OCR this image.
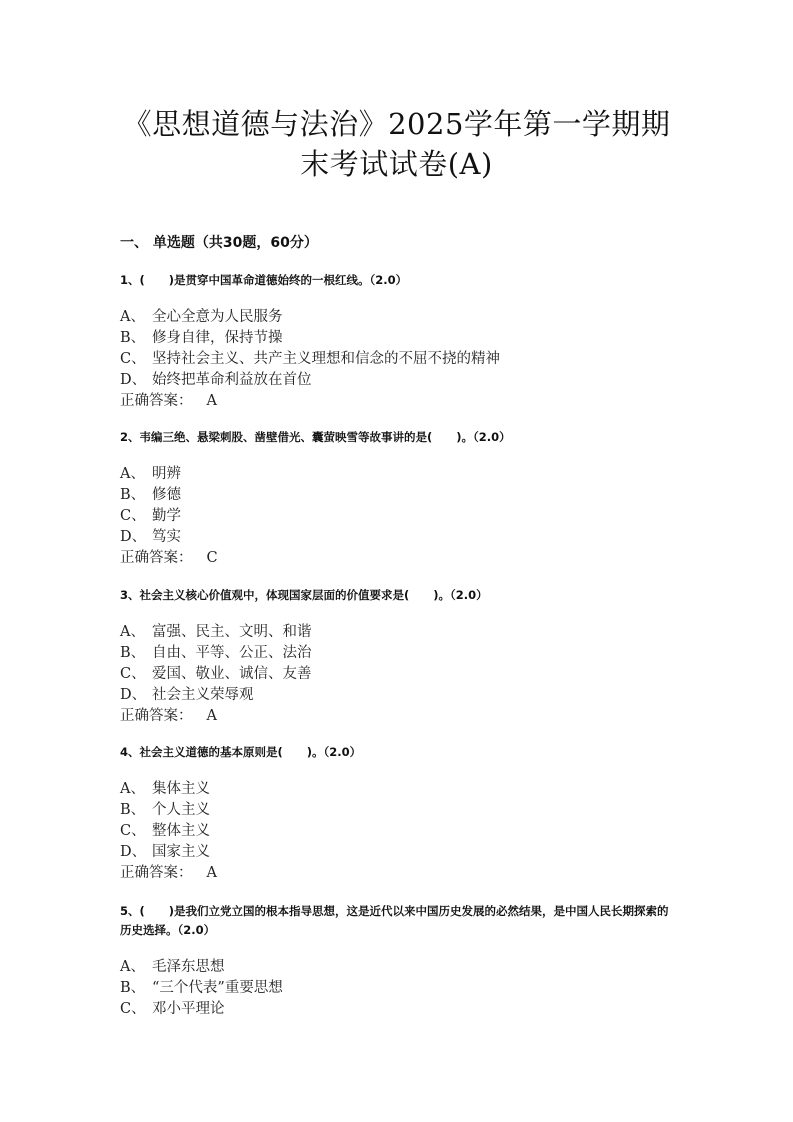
《思想道德与法治》2025学年第一学期期
末考试试卷(A)
一、 单选题（共30题，60分）
1、(      )是贯穿中国革命道德始终的一根红线。（2.0）
A、 全心全意为人民服务
B、 修身自律，保持节操
C、 坚持社会主义、共产主义理想和信念的不屈不挠的精神
D、 始终把革命利益放在首位
正确答案： A
2、韦编三绝、悬梁刺股、凿壁借光、囊萤映雪等故事讲的是(      )。（2.0）
A、 明辨
B、 修德
C、 勤学
D、 笃实
正确答案： C
3、社会主义核心价值观中，体现国家层面的价值要求是(      )。（2.0）
A、 富强、民主、文明、和谐
B、 自由、平等、公正、法治
C、 爱国、敬业、诚信、友善
D、 社会主义荣辱观
正确答案： A
4、社会主义道德的基本原则是(      )。（2.0）
A、 集体主义
B、 个人主义
C、 整体主义
D、 国家主义
正确答案： A
5、(      )是我们立党立国的根本指导思想，这是近代以来中国历史发展的必然结果，是中国人民长期探索的历史选择。（2.0）
A、 毛泽东思想
B、 “三个代表”重要思想
C、 邓小平理论
